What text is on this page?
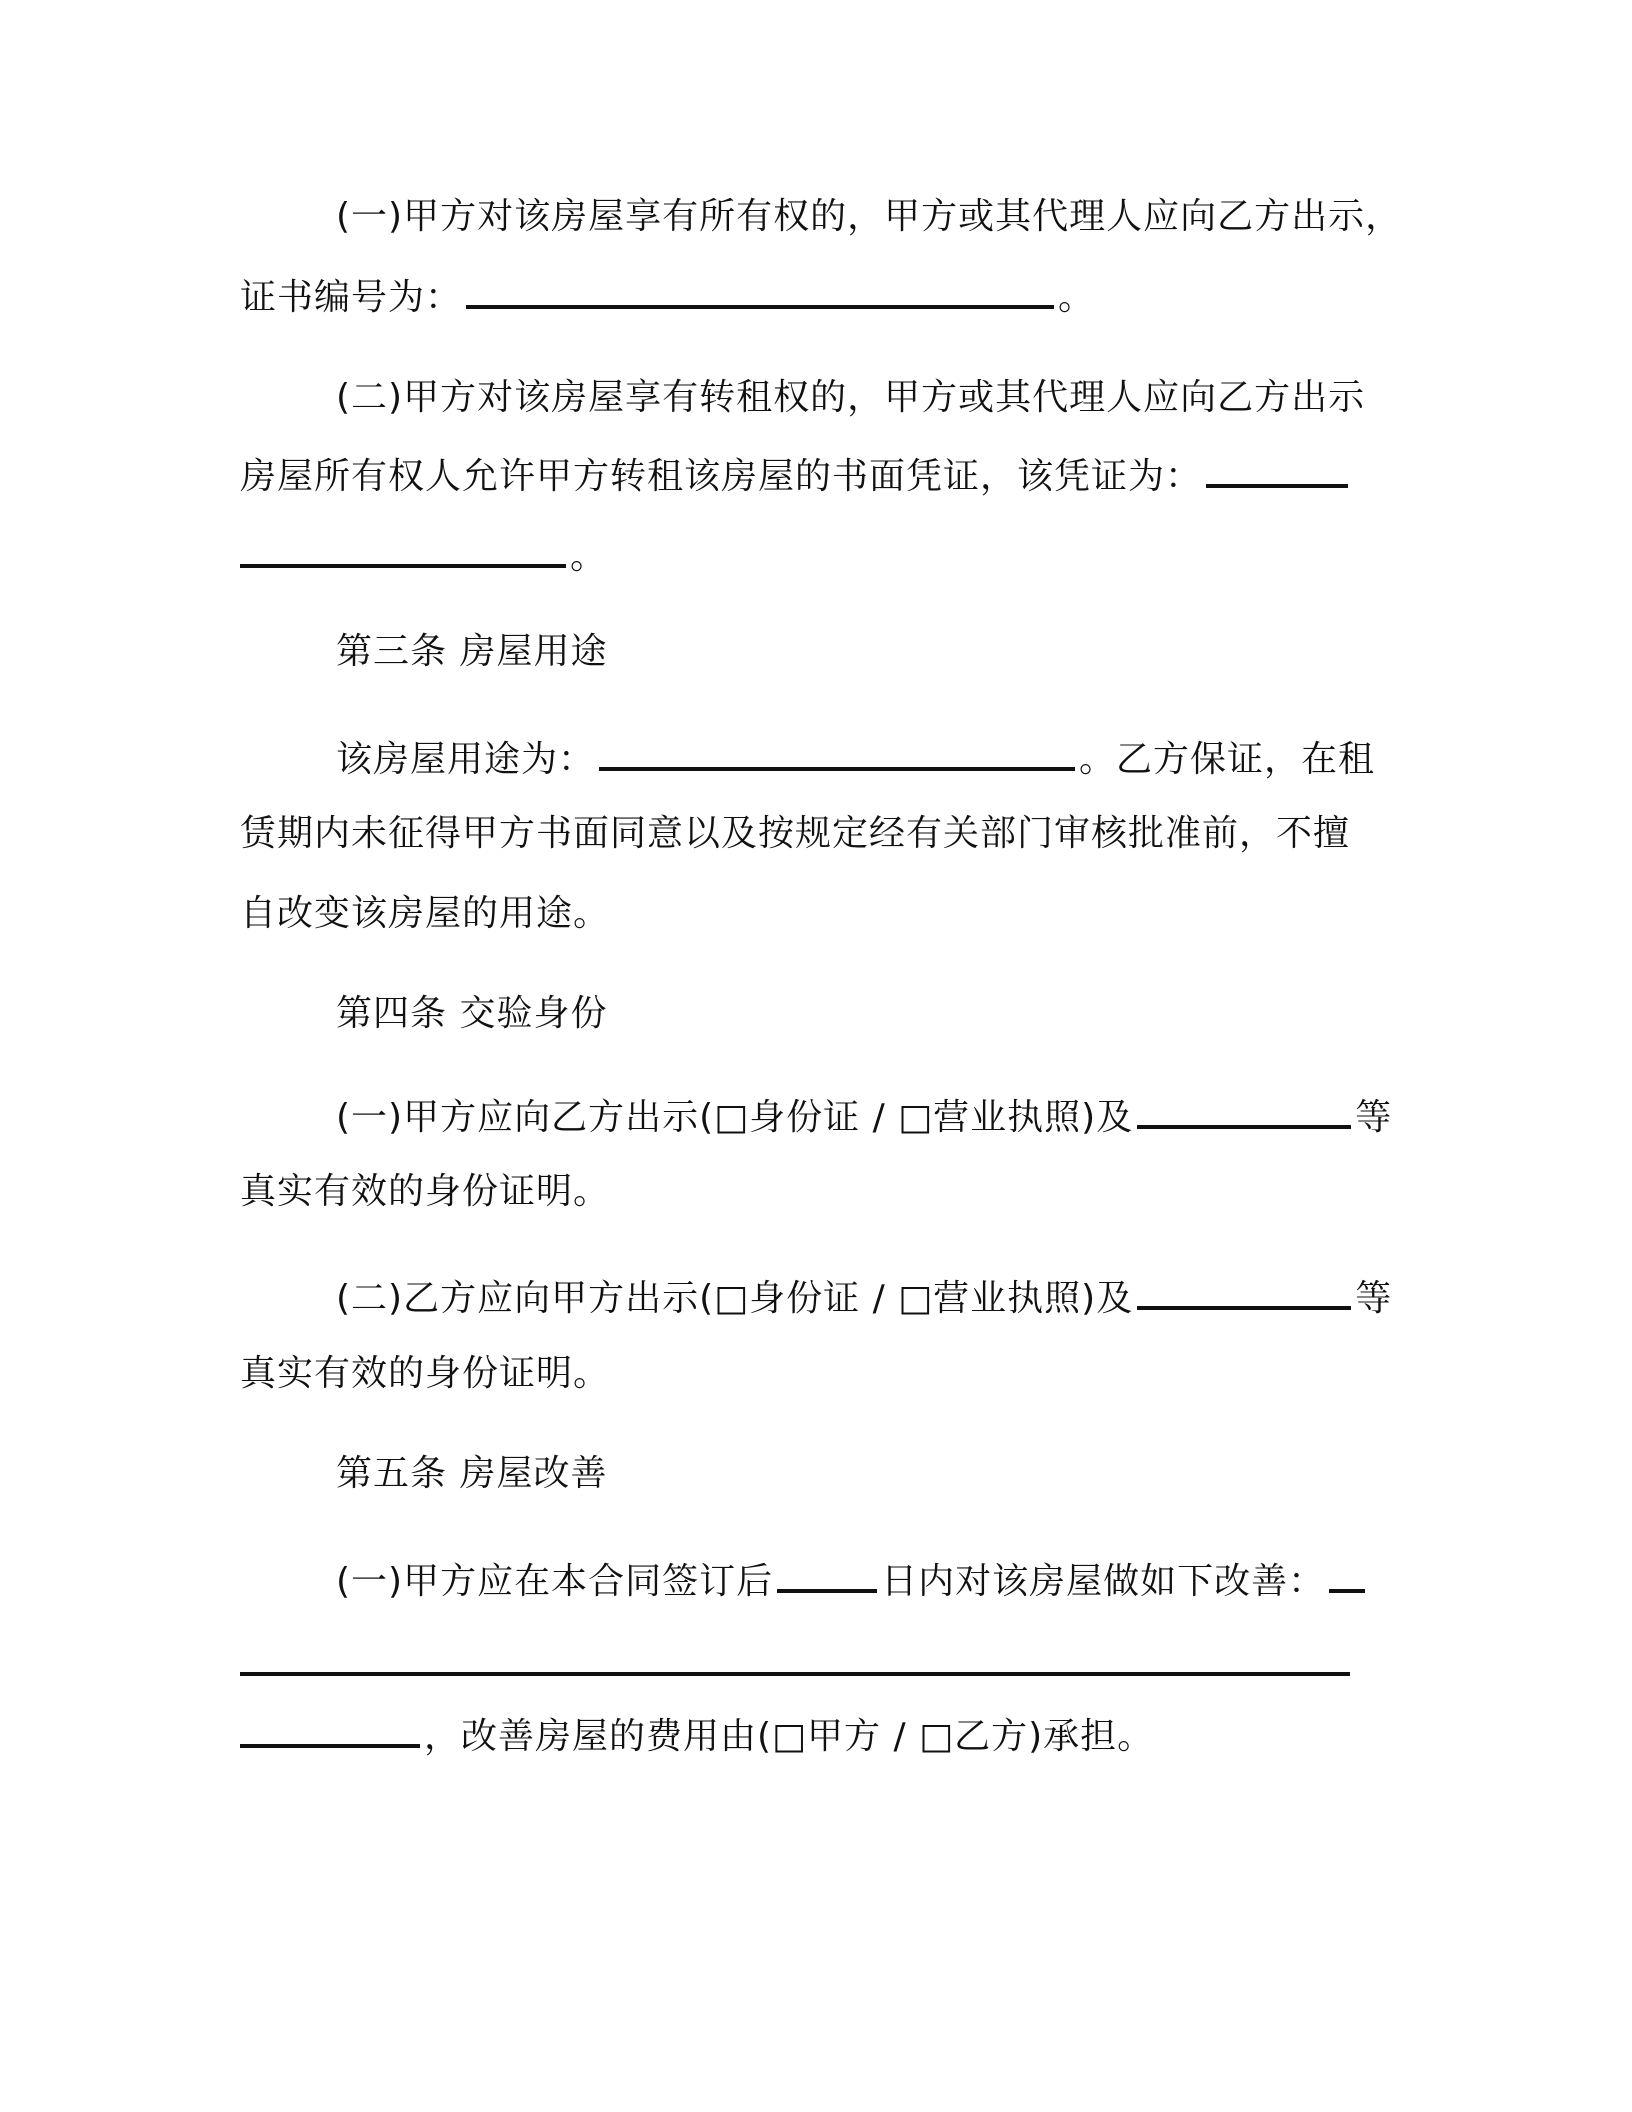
(一)甲方对该房屋享有所有权的，甲方或其代理人应向乙方出示，
证书编号为：	。
(二)甲方对该房屋享有转租权的，甲方或其代理人应向乙方出示
房屋所有权人允许甲方转租该房屋的书面凭证，该凭证为：
。
第三条 房屋用途
该房屋用途为：	。乙方保证，在租
赁期内未征得甲方书面同意以及按规定经有关部门审核批准前，不擅
自改变该房屋的用途。
第四条 交验身份
(一)甲方应向乙方出示(□身份证 / □营业执照)及	等
真实有效的身份证明。
(二)乙方应向甲方出示(□身份证 / □营业执照)及	等
真实有效的身份证明。
第五条 房屋改善
(一)甲方应在本合同签订后	日内对该房屋做如下改善：
，改善房屋的费用由(□甲方 / □乙方)承担。
